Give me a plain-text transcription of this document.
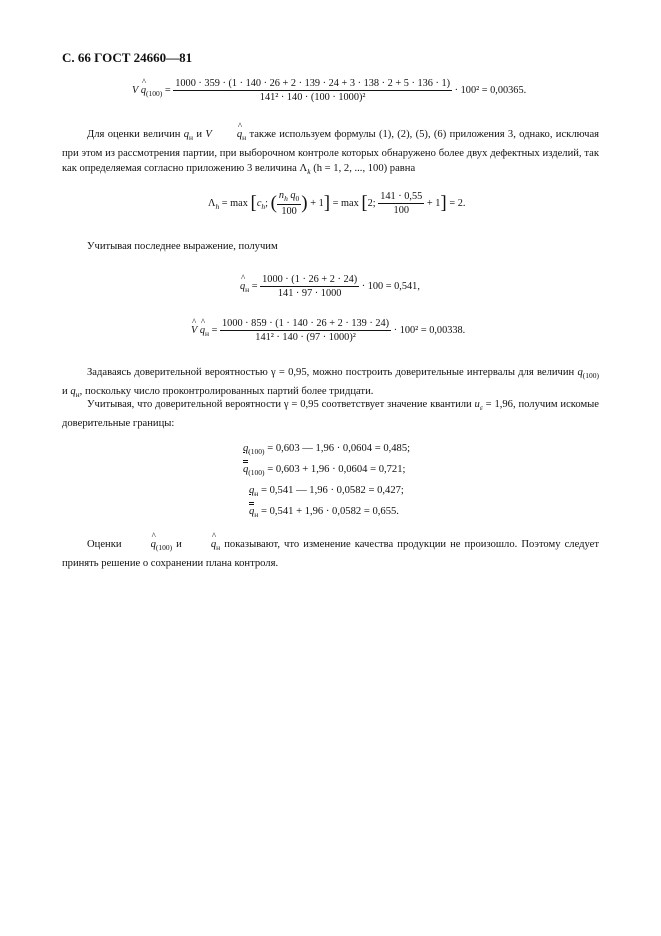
С. 66 ГОСТ 24660—81
V ^ $q_{(100)}$ =
1000 · 359 · (1 · 140 · 26 + 2 · 139 · 24 + 3 · 138 · 2 + 5 · 136 · 1)
141² · 140 · (100 · 1000)²
· 100² = 0,00365.
Для оценки величин $q_н$ и V ^ $q_н$ также используем формулы (1), (2), (5), (6) приложения 3, однако, исключая при этом из рассмотрения партии, при выборочном контроле которых обнаружено более двух дефектных изделий, так как определяемая согласно приложению 3 величина $\Lambda_k$ (h = 1, 2, ..., 100) равна
$\Lambda_h = \max [c_h$; ( $\frac{n_h q_0}{100}$ ) + 1] = max [2; $\frac{141 \cdot 0,55}{100} + 1] = 2$.
Учитывая последнее выражение, получим
^ $q_н = \frac{1000 \cdot (1 \cdot 26 + 2 \cdot 24)}{141 \cdot 97 \cdot 1000} \cdot 100 = 0,541$,
^ V ^ $q_н = \frac{1000 \cdot 859 \cdot (1 \cdot 140 \cdot 26 + 2 \cdot 139 \cdot 24)}{\text{141² · 140 · (97 · 1000)²}} \cdot 100^2 = 0,00338$.
Задаваясь доверительной вероятностью γ = 0,95, можно построить доверительные интервалы для величин $q_{(100)}$ и $q_н$, поскольку число проконтролированных партий более тридцати.
Учитывая, что доверительной вероятности γ = 0,95 соответствует значение квантили $u_\varepsilon = 1,96$, получим искомые доверительные границы:
$q_{(100)} = 0,603$ — 1,96 · 0,0604 = 0,485;
$q_{(100)} = 0,603 + 1,96 \cdot 0,0604 = 0,721$;
$q_н = 0,541$ — 1,96 · 0,0582 = 0,427;
$q_н = 0,541 + 1,96 \cdot 0,0582 = 0,655$.
Оценки ^ $q_{(100)}$ и ^ $q_н$ показывают, что изменение качества продукции не произошло. Поэтому следует принять решение о сохранении плана контроля.
